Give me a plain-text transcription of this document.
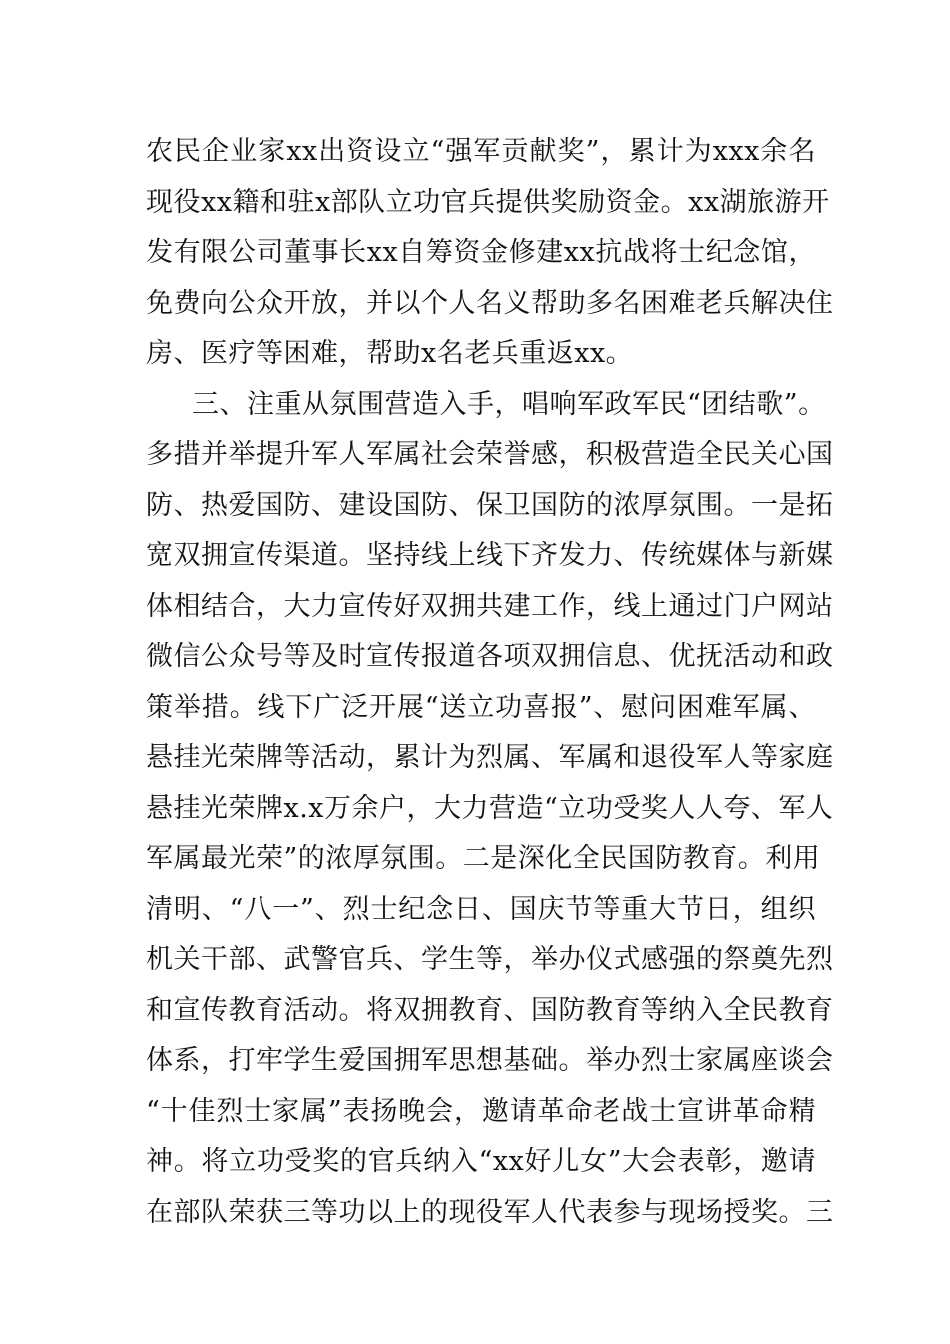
农民企业家xx出资设立“强军贡献奖”，累计为xxx余名
现役xx籍和驻x部队立功官兵提供奖励资金。xx湖旅游开
发有限公司董事长xx自筹资金修建xx抗战将士纪念馆，
免费向公众开放，并以个人名义帮助多名困难老兵解决住
房、医疗等困难，帮助x名老兵重返xx。
三、注重从氛围营造入手，唱响军政军民“团结歌”。
多措并举提升军人军属社会荣誉感，积极营造全民关心国
防、热爱国防、建设国防、保卫国防的浓厚氛围。一是拓
宽双拥宣传渠道。坚持线上线下齐发力、传统媒体与新媒
体相结合，大力宣传好双拥共建工作，线上通过门户网站
微信公众号等及时宣传报道各项双拥信息、优抚活动和政
策举措。线下广泛开展“送立功喜报”、慰问困难军属、
悬挂光荣牌等活动，累计为烈属、军属和退役军人等家庭
悬挂光荣牌x.x万余户，大力营造“立功受奖人人夸、军人
军属最光荣”的浓厚氛围。二是深化全民国防教育。利用
清明、“八一”、烈士纪念日、国庆节等重大节日，组织
机关干部、武警官兵、学生等，举办仪式感强的祭奠先烈
和宣传教育活动。将双拥教育、国防教育等纳入全民教育
体系，打牢学生爱国拥军思想基础。举办烈士家属座谈会
“十佳烈士家属”表扬晚会，邀请革命老战士宣讲革命精
神。将立功受奖的官兵纳入“xx好儿女”大会表彰，邀请
在部队荣获三等功以上的现役军人代表参与现场授奖。三
